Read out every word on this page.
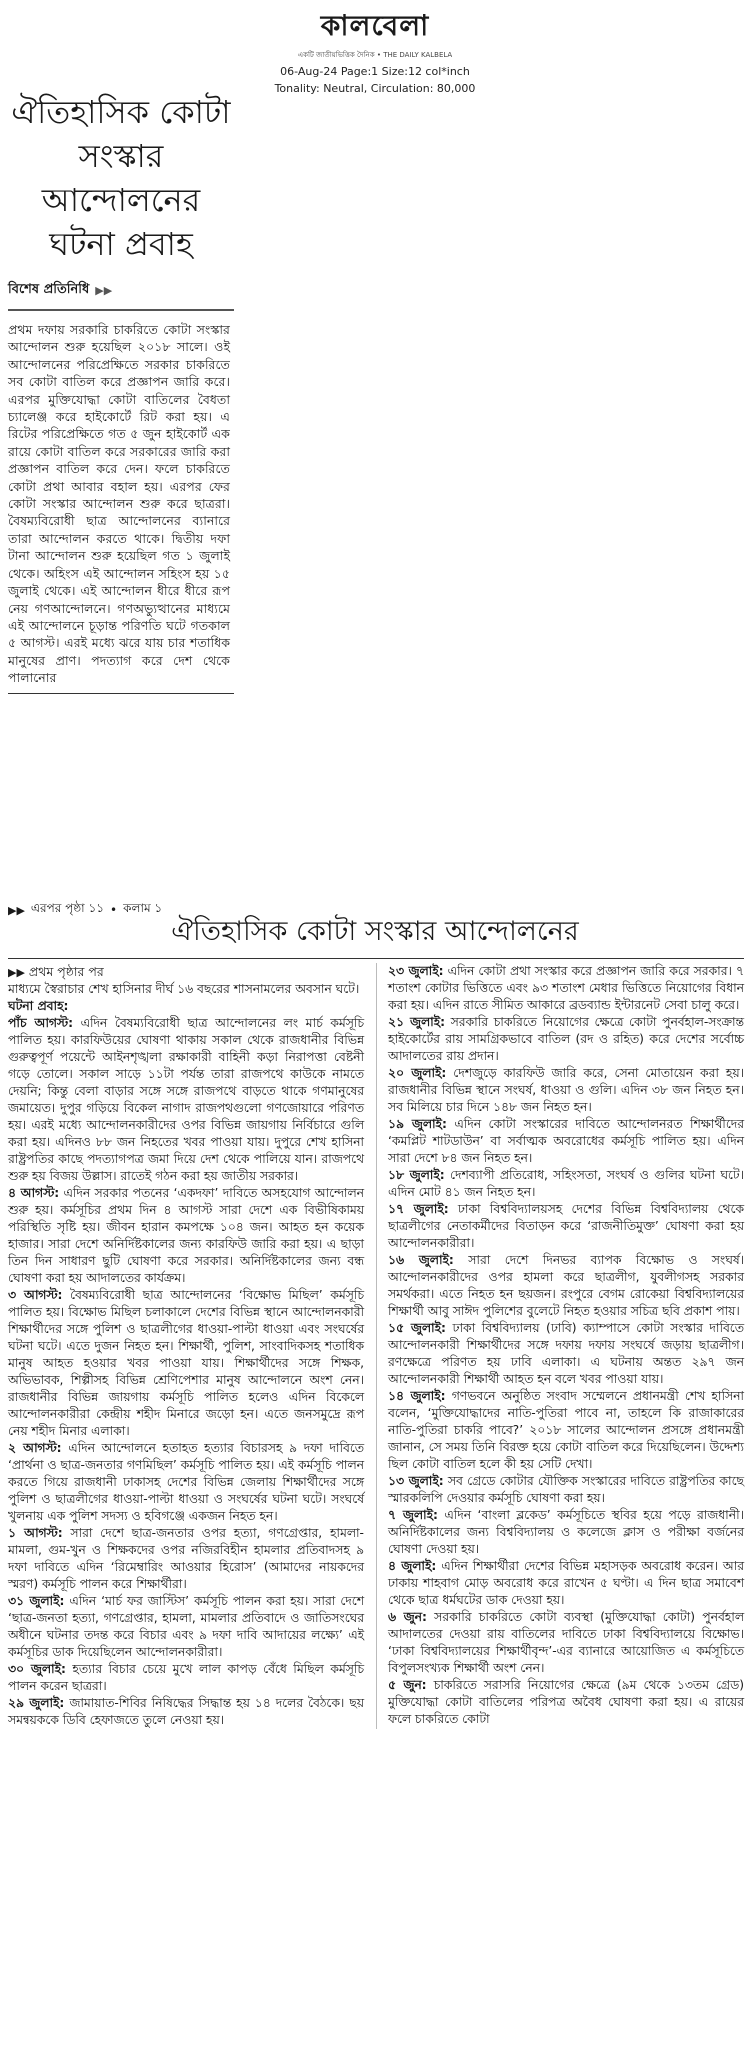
কালবেলা
একটি জাতীয়ভিত্তিক দৈনিক • THE DAILY KALBELA
06-Aug-24 Page:1 Size:12 col*inch
Tonality: Neutral, Circulation: 80,000
ঐতিহাসিক কোটা সংস্কার আন্দোলনের ঘটনা প্রবাহ
বিশেষ প্রতিনিধি ▶▶
প্রথম দফায় সরকারি চাকরিতে কোটা সংস্কার আন্দোলন শুরু হয়েছিল ২০১৮ সালে। ওই আন্দোলনের পরিপ্রেক্ষিতে সরকার চাকরিতে সব কোটা বাতিল করে প্রজ্ঞাপন জারি করে। এরপর মুক্তিযোদ্ধা কোটা বাতিলের বৈধতা চ্যালেঞ্জ করে হাইকোর্টে রিট করা হয়। এ রিটের পরিপ্রেক্ষিতে গত ৫ জুন হাইকোর্ট এক রায়ে কোটা বাতিল করে সরকারের জারি করা প্রজ্ঞাপন বাতিল করে দেন। ফলে চাকরিতে কোটা প্রথা আবার বহাল হয়। এরপর ফের কোটা সংস্কার আন্দোলন শুরু করে ছাত্ররা। বৈষম্যবিরোধী ছাত্র আন্দোলনের ব্যানারে তারা আন্দোলন করতে থাকে। দ্বিতীয় দফা টানা আন্দোলন শুরু হয়েছিল গত ১ জুলাই থেকে। অহিংস এই আন্দোলন সহিংস হয় ১৫ জুলাই থেকে। এই আন্দোলন ধীরে ধীরে রূপ নেয় গণআন্দোলনে। গণঅভ্যুত্থানের মাধ্যমে এই আন্দোলনে চূড়ান্ত পরিণতি ঘটে গতকাল ৫ আগস্ট। এরই মধ্যে ঝরে যায় চার শতাধিক মানুষের প্রাণ। পদত্যাগ করে দেশ থেকে পালানোর
▶▶ এরপর পৃষ্ঠা ১১ • কলাম ১
ঐতিহাসিক কোটা সংস্কার আন্দোলনের

▶▶ প্রথম পৃষ্ঠার পর

মাধ্যমে স্বৈরাচার শেখ হাসিনার দীর্ঘ ১৬ বছরের শাসনামলের অবসান ঘটে।

ঘটনা প্রবাহ:

পাঁচ আগস্ট: এদিন বৈষম্যবিরোধী ছাত্র আন্দোলনের লং মার্চ কর্মসূচি পালিত হয়। কারফিউয়ের ঘোষণা থাকায় সকাল থেকে রাজধানীর বিভিন্ন গুরুত্বপূর্ণ পয়েন্টে আইনশৃঙ্খলা রক্ষাকারী বাহিনী কড়া নিরাপত্তা বেষ্টনী গড়ে তোলে। সকাল সাড়ে ১১টা পর্যন্ত তারা রাজপথে কাউকে নামতে দেয়নি; কিন্তু বেলা বাড়ার সঙ্গে সঙ্গে রাজপথে বাড়তে থাকে গণমানুষের জমায়েত। দুপুর গড়িয়ে বিকেল নাগাদ রাজপথগুলো গণজোয়ারে পরিণত হয়। এরই মধ্যে আন্দোলনকারীদের ওপর বিভিন্ন জায়গায় নির্বিচারে গুলি করা হয়। এদিনও ৮৮ জন নিহতের খবর পাওয়া যায়। দুপুরে শেখ হাসিনা রাষ্ট্রপতির কাছে পদত্যাগপত্র জমা দিয়ে দেশ থেকে পালিয়ে যান। রাজপথে শুরু হয় বিজয় উল্লাস। রাতেই গঠন করা হয় জাতীয় সরকার।

৪ আগস্ট: এদিন সরকার পতনের ‘একদফা’ দাবিতে অসহযোগ আন্দোলন শুরু হয়। কর্মসূচির প্রথম দিন ৪ আগস্ট সারা দেশে এক বিভীষিকাময় পরিস্থিতি সৃষ্টি হয়। জীবন হারান কমপক্ষে ১০৪ জন। আহত হন কয়েক হাজার। সারা দেশে অনির্দিষ্টকালের জন্য কারফিউ জারি করা হয়। এ ছাড়া তিন দিন সাধারণ ছুটি ঘোষণা করে সরকার। অনির্দিষ্টকালের জন্য বন্ধ ঘোষণা করা হয় আদালতের কার্যক্রম।

৩ আগস্ট: বৈষম্যবিরোধী ছাত্র আন্দোলনের ‘বিক্ষোভ মিছিল’ কর্মসূচি পালিত হয়। বিক্ষোভ মিছিল চলাকালে দেশের বিভিন্ন স্থানে আন্দোলনকারী শিক্ষার্থীদের সঙ্গে পুলিশ ও ছাত্রলীগের ধাওয়া-পাল্টা ধাওয়া এবং সংঘর্ষের ঘটনা ঘটে। এতে দুজন নিহত হন। শিক্ষার্থী, পুলিশ, সাংবাদিকসহ শতাধিক মানুষ আহত হওয়ার খবর পাওয়া যায়। শিক্ষার্থীদের সঙ্গে শিক্ষক, অভিভাবক, শিল্পীসহ বিভিন্ন শ্রেণিপেশার মানুষ আন্দোলনে অংশ নেন। রাজধানীর বিভিন্ন জায়গায় কর্মসূচি পালিত হলেও এদিন বিকেলে আন্দোলনকারীরা কেন্দ্রীয় শহীদ মিনারে জড়ো হন। এতে জনসমুদ্রে রূপ নেয় শহীদ মিনার এলাকা।

২ আগস্ট: এদিন আন্দোলনে হতাহত হত্যার বিচারসহ ৯ দফা দাবিতে ‘প্রার্থনা ও ছাত্র-জনতার গণমিছিল’ কর্মসূচি পালিত হয়। এই কর্মসূচি পালন করতে গিয়ে রাজধানী ঢাকাসহ দেশের বিভিন্ন জেলায় শিক্ষার্থীদের সঙ্গে পুলিশ ও ছাত্রলীগের ধাওয়া-পাল্টা ধাওয়া ও সংঘর্ষের ঘটনা ঘটে। সংঘর্ষে খুলনায় এক পুলিশ সদস্য ও হবিগঞ্জে একজন নিহত হন।

১ আগস্ট: সারা দেশে ছাত্র-জনতার ওপর হত্যা, গণগ্রেপ্তার, হামলা-মামলা, গুম-খুন ও শিক্ষকদের ওপর নজিরবিহীন হামলার প্রতিবাদসহ ৯ দফা দাবিতে এদিন ‘রিমেম্বারিং আওয়ার হিরোস’ (আমাদের নায়কদের স্মরণ) কর্মসূচি পালন করে শিক্ষার্থীরা।

৩১ জুলাই: এদিন ‘মার্চ ফর জাস্টিস’ কর্মসূচি পালন করা হয়। সারা দেশে ‘ছাত্র-জনতা হত্যা, গণগ্রেপ্তার, হামলা, মামলার প্রতিবাদে ও জাতিসংঘের অধীনে ঘটনার তদন্ত করে বিচার এবং ৯ দফা দাবি আদায়ের লক্ষ্যে’ এই কর্মসূচির ডাক দিয়েছিলেন আন্দোলনকারীরা।

৩০ জুলাই: হত্যার বিচার চেয়ে মুখে লাল কাপড় বেঁধে মিছিল কর্মসূচি পালন করেন ছাত্ররা।

২৯ জুলাই: জামায়াত-শিবির নিষিদ্ধের সিদ্ধান্ত হয় ১৪ দলের বৈঠকে। ছয় সমন্বয়ককে ডিবি হেফাজতে তুলে নেওয়া হয়।

২৩ জুলাই: এদিন কোটা প্রথা সংস্কার করে প্রজ্ঞাপন জারি করে সরকার। ৭ শতাংশ কোটার ভিত্তিতে এবং ৯৩ শতাংশ মেধার ভিত্তিতে নিয়োগের বিধান করা হয়। এদিন রাতে সীমিত আকারে ব্রডব্যান্ড ইন্টারনেট সেবা চালু করে।

২১ জুলাই: সরকারি চাকরিতে নিয়োগের ক্ষেত্রে কোটা পুনর্বহাল-সংক্রান্ত হাইকোর্টের রায় সামগ্রিকভাবে বাতিল (রদ ও রহিত) করে দেশের সর্বোচ্চ আদালতের রায় প্রদান।

২০ জুলাই: দেশজুড়ে কারফিউ জারি করে, সেনা মোতায়েন করা হয়। রাজধানীর বিভিন্ন স্থানে সংঘর্ষ, ধাওয়া ও গুলি। এদিন ৩৮ জন নিহত হন। সব মিলিয়ে চার দিনে ১৪৮ জন নিহত হন।

১৯ জুলাই: এদিন কোটা সংস্কারের দাবিতে আন্দোলনরত শিক্ষার্থীদের ‘কমপ্লিট শাটডাউন’ বা সর্বাত্মক অবরোধের কর্মসূচি পালিত হয়। এদিন সারা দেশে ৮৪ জন নিহত হন।

১৮ জুলাই: দেশব্যাপী প্রতিরোধ, সহিংসতা, সংঘর্ষ ও গুলির ঘটনা ঘটে। এদিন মোট ৪১ জন নিহত হন।

১৭ জুলাই: ঢাকা বিশ্ববিদ্যালয়সহ দেশের বিভিন্ন বিশ্ববিদ্যালয় থেকে ছাত্রলীগের নেতাকর্মীদের বিতাড়ন করে ‘রাজনীতিমুক্ত’ ঘোষণা করা হয় আন্দোলনকারীরা।

১৬ জুলাই: সারা দেশে দিনভর ব্যাপক বিক্ষোভ ও সংঘর্ষ। আন্দোলনকারীদের ওপর হামলা করে ছাত্রলীগ, যুবলীগসহ সরকার সমর্থকরা। এতে নিহত হন ছয়জন। রংপুরে বেগম রোকেয়া বিশ্ববিদ্যালয়ের শিক্ষার্থী আবু সাঈদ পুলিশের বুলেটে নিহত হওয়ার সচিত্র ছবি প্রকাশ পায়।

১৫ জুলাই: ঢাকা বিশ্ববিদ্যালয় (ঢাবি) ক্যাম্পাসে কোটা সংস্কার দাবিতে আন্দোলনকারী শিক্ষার্থীদের সঙ্গে দফায় দফায় সংঘর্ষে জড়ায় ছাত্রলীগ। রণক্ষেত্রে পরিণত হয় ঢাবি এলাকা। এ ঘটনায় অন্তত ২৯৭ জন আন্দোলনকারী শিক্ষার্থী আহত হন বলে খবর পাওয়া যায়।

১৪ জুলাই: গণভবনে অনুষ্ঠিত সংবাদ সম্মেলনে প্রধানমন্ত্রী শেখ হাসিনা বলেন, ‘মুক্তিযোদ্ধাদের নাতি-পুতিরা পাবে না, তাহলে কি রাজাকারের নাতি-পুতিরা চাকরি পাবে?’ ২০১৮ সালের আন্দোলন প্রসঙ্গে প্রধানমন্ত্রী জানান, সে সময় তিনি বিরক্ত হয়ে কোটা বাতিল করে দিয়েছিলেন। উদ্দেশ্য ছিল কোটা বাতিল হলে কী হয় সেটি দেখা।

১৩ জুলাই: সব গ্রেডে কোটার যৌক্তিক সংস্কারের দাবিতে রাষ্ট্রপতির কাছে স্মারকলিপি দেওয়ার কর্মসূচি ঘোষণা করা হয়।

৭ জুলাই: এদিন ‘বাংলা ব্লকেড’ কর্মসূচিতে স্থবির হয়ে পড়ে রাজধানী। অনির্দিষ্টকালের জন্য বিশ্ববিদ্যালয় ও কলেজে ক্লাস ও পরীক্ষা বর্জনের ঘোষণা দেওয়া হয়।

৪ জুলাই: এদিন শিক্ষার্থীরা দেশের বিভিন্ন মহাসড়ক অবরোধ করেন। আর ঢাকায় শাহবাগ মোড় অবরোধ করে রাখেন ৫ ঘণ্টা। এ দিন ছাত্র সমাবেশ থেকে ছাত্র ধর্মঘটের ডাক দেওয়া হয়।

৬ জুন: সরকারি চাকরিতে কোটা ব্যবস্থা (মুক্তিযোদ্ধা কোটা) পুনর্বহাল আদালতের দেওয়া রায় বাতিলের দাবিতে ঢাকা বিশ্ববিদ্যালয়ে বিক্ষোভ। ‘ঢাকা বিশ্ববিদ্যালয়ের শিক্ষার্থীবৃন্দ’-এর ব্যানারে আয়োজিত এ কর্মসূচিতে বিপুলসংখ্যক শিক্ষার্থী অংশ নেন।

৫ জুন: চাকরিতে সরাসরি নিয়োগের ক্ষেত্রে (৯ম থেকে ১৩তম গ্রেড) মুক্তিযোদ্ধা কোটা বাতিলের পরিপত্র অবৈধ ঘোষণা করা হয়। এ রায়ের ফলে চাকরিতে কোটা
